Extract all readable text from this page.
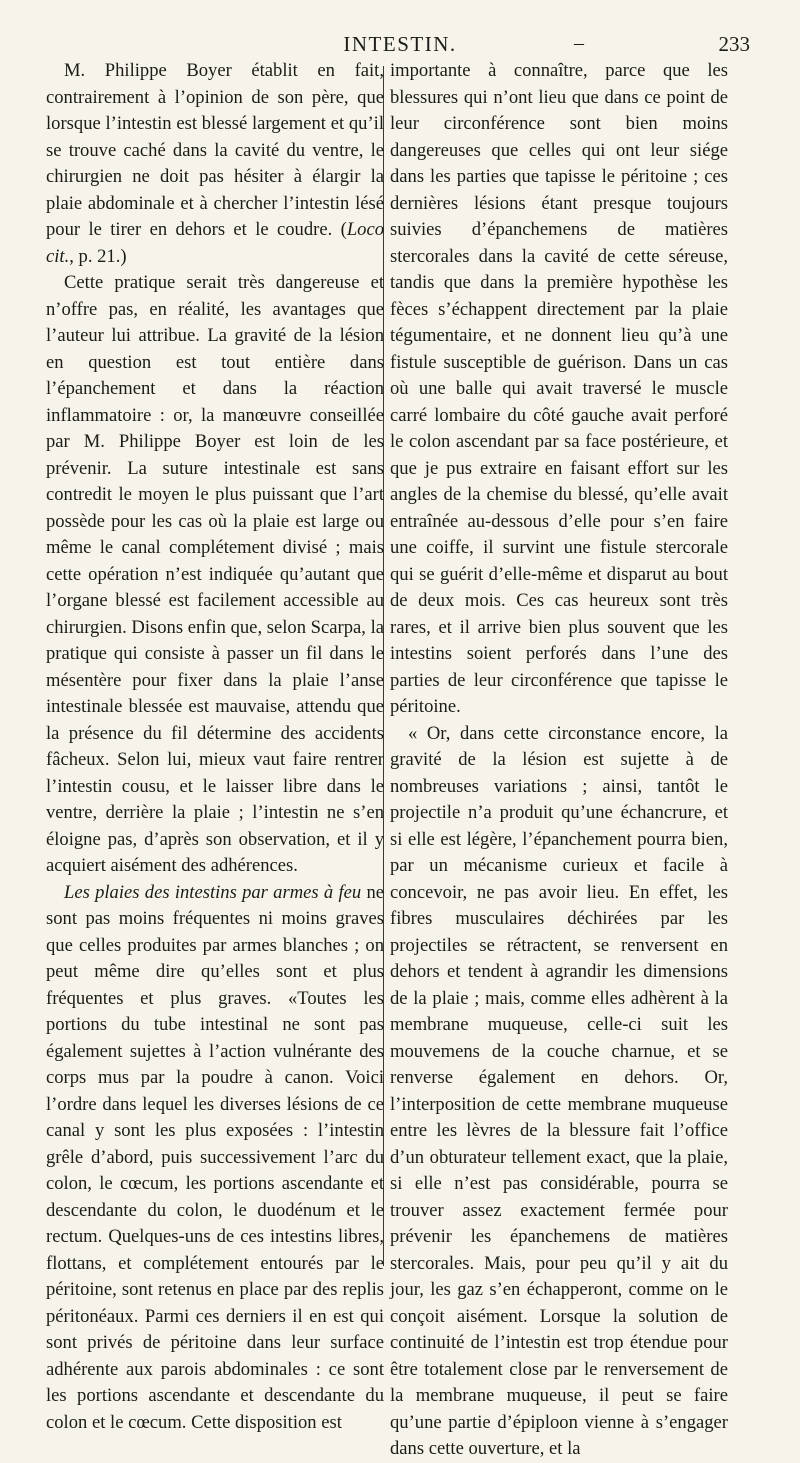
INTESTIN.	–	233

M. Philippe Boyer établit en fait, contrairement à l’opinion de son père, que lorsque l’intestin est blessé largement et qu’il se trouve caché dans la cavité du ventre, le chirurgien ne doit pas hésiter à élargir la plaie abdominale et à chercher l’intestin lésé pour le tirer en dehors et le coudre. (Loco cit., p. 21.)

Cette pratique serait très dangereuse et n’offre pas, en réalité, les avantages que l’auteur lui attribue. La gravité de la lésion en question est tout entière dans l’épanchement et dans la réaction inflammatoire : or, la manœuvre conseillée par M. Philippe Boyer est loin de les prévenir. La suture intestinale est sans contredit le moyen le plus puissant que l’art possède pour les cas où la plaie est large ou même le canal complétement divisé ; mais cette opération n’est indiquée qu’autant que l’organe blessé est facilement accessible au chirurgien. Disons enfin que, selon Scarpa, la pratique qui consiste à passer un fil dans le mésentère pour fixer dans la plaie l’anse intestinale blessée est mauvaise, attendu que la présence du fil détermine des accidents fâcheux. Selon lui, mieux vaut faire rentrer l’intestin cousu, et le laisser libre dans le ventre, derrière la plaie ; l’intestin ne s’en éloigne pas, d’après son observation, et il y acquiert aisément des adhérences.

Les plaies des intestins par armes à feu ne sont pas moins fréquentes ni moins graves que celles produites par armes blanches ; on peut même dire qu’elles sont et plus fréquentes et plus graves. «Toutes les portions du tube intestinal ne sont pas également sujettes à l’action vulnérante des corps mus par la poudre à canon. Voici l’ordre dans lequel les diverses lésions de ce canal y sont les plus exposées : l’intestin grêle d’abord, puis successivement l’arc du colon, le cœcum, les portions ascendante et descendante du colon, le duodénum et le rectum. Quelques-uns de ces intestins libres, flottans, et complétement entourés par le péritoine, sont retenus en place par des replis péritonéaux. Parmi ces derniers il en est qui sont privés de péritoine dans leur surface adhérente aux parois abdominales : ce sont les portions ascendante et descendante du colon et le cœcum. Cette disposition est

importante à connaître, parce que les blessures qui n’ont lieu que dans ce point de leur circonférence sont bien moins dangereuses que celles qui ont leur siége dans les parties que tapisse le péritoine ; ces dernières lésions étant presque toujours suivies d’épanchemens de matières stercorales dans la cavité de cette séreuse, tandis que dans la première hypothèse les fèces s’échappent directement par la plaie tégumentaire, et ne donnent lieu qu’à une fistule susceptible de guérison. Dans un cas où une balle qui avait traversé le muscle carré lombaire du côté gauche avait perforé le colon ascendant par sa face postérieure, et que je pus extraire en faisant effort sur les angles de la chemise du blessé, qu’elle avait entraînée au-dessous d’elle pour s’en faire une coiffe, il survint une fistule stercorale qui se guérit d’elle-même et disparut au bout de deux mois. Ces cas heureux sont très rares, et il arrive bien plus souvent que les intestins soient perforés dans l’une des parties de leur circonférence que tapisse le péritoine.

« Or, dans cette circonstance encore, la gravité de la lésion est sujette à de nombreuses variations ; ainsi, tantôt le projectile n’a produit qu’une échancrure, et si elle est légère, l’épanchement pourra bien, par un mécanisme curieux et facile à concevoir, ne pas avoir lieu. En effet, les fibres musculaires déchirées par les projectiles se rétractent, se renversent en dehors et tendent à agrandir les dimensions de la plaie ; mais, comme elles adhèrent à la membrane muqueuse, celle-ci suit les mouvemens de la couche charnue, et se renverse également en dehors. Or, l’interposition de cette membrane muqueuse entre les lèvres de la blessure fait l’office d’un obturateur tellement exact, que la plaie, si elle n’est pas considérable, pourra se trouver assez exactement fermée pour prévenir les épanchemens de matières stercorales. Mais, pour peu qu’il y ait du jour, les gaz s’en échapperont, comme on le conçoit aisément. Lorsque la solution de continuité de l’intestin est trop étendue pour être totalement close par le renversement de la membrane muqueuse, il peut se faire qu’une partie d’épiploon vienne à s’engager dans cette ouverture, et la
